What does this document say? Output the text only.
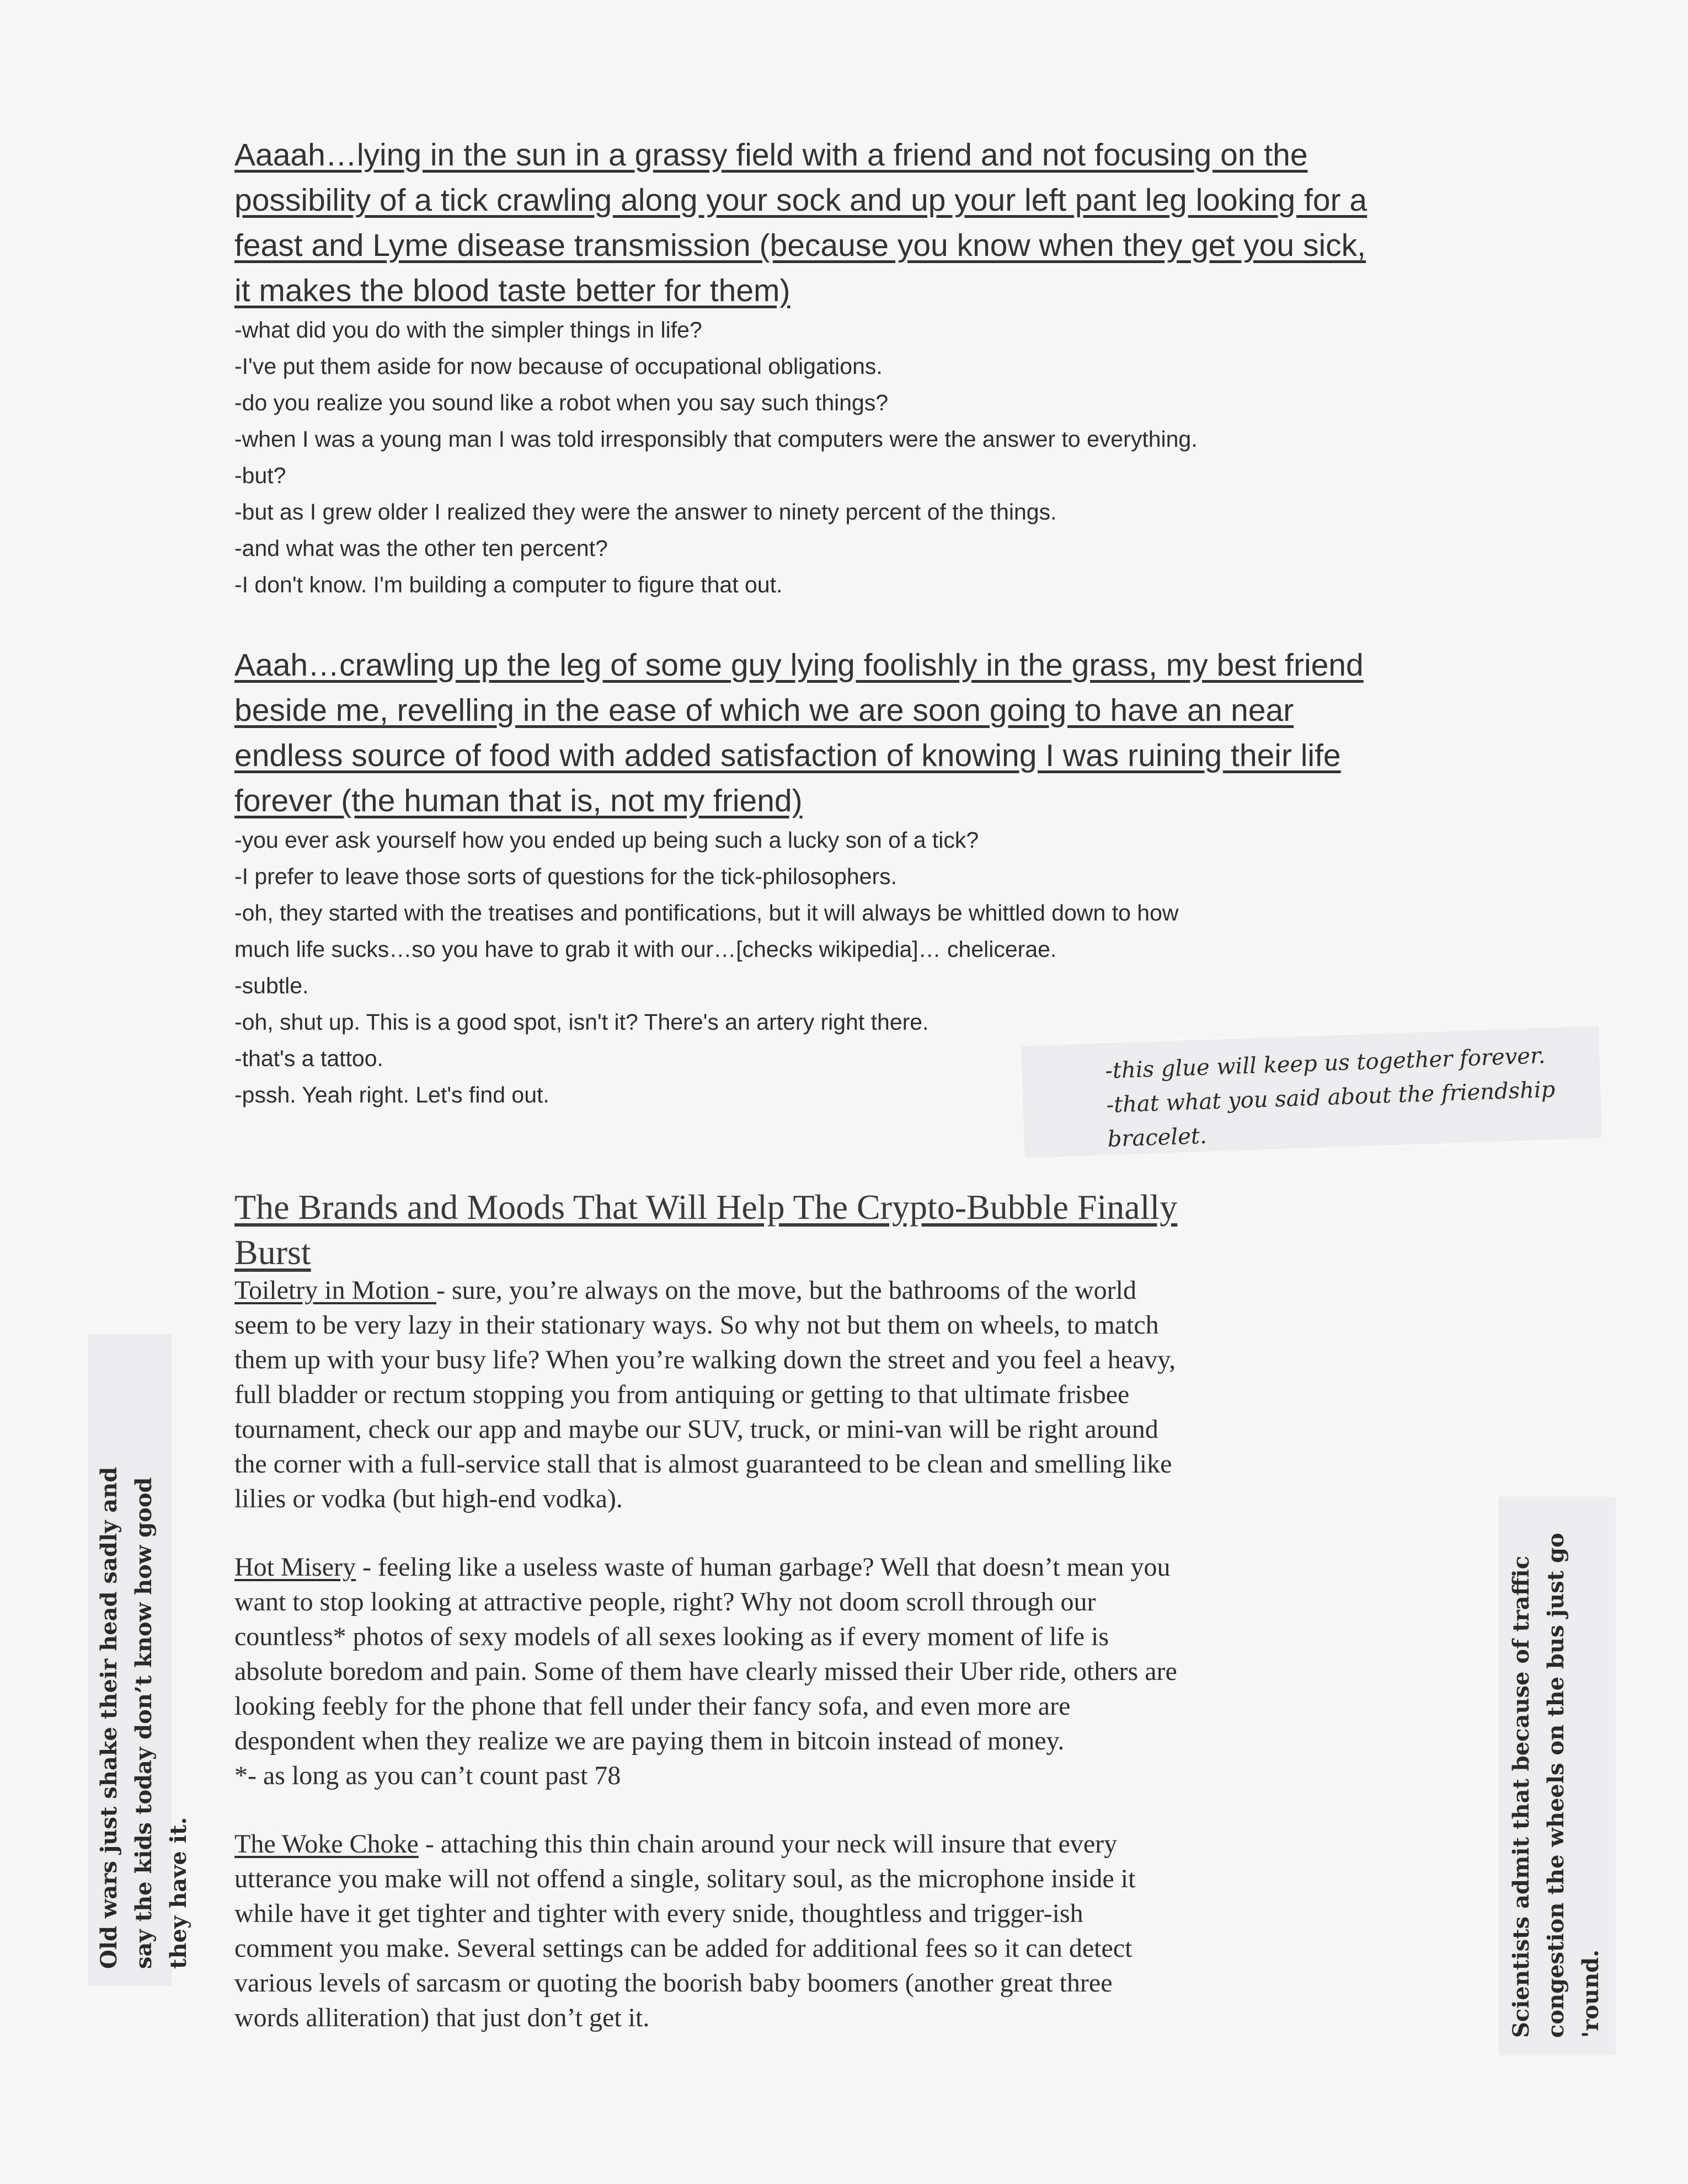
Aaaah…lying in the sun in a grassy field with a friend and not focusing on the
possibility of a tick crawling along your sock and up your left pant leg looking for a
feast and Lyme disease transmission (because you know when they get you sick,
it makes the blood taste better for them)
-what did you do with the simpler things in life?
-I've put them aside for now because of occupational obligations.
-do you realize you sound like a robot when you say such things?
-when I was a young man I was told irresponsibly that computers were the answer to everything.
-but?
-but as I grew older I realized they were the answer to ninety percent of the things.
-and what was the other ten percent?
-I don't know. I'm building a computer to figure that out.
Aaah…crawling up the leg of some guy lying foolishly in the grass, my best friend
beside me, revelling in the ease of which we are soon going to have an near
endless source of food with added satisfaction of knowing I was ruining their life
forever (the human that is, not my friend)
-you ever ask yourself how you ended up being such a lucky son of a tick?
-I prefer to leave those sorts of questions for the tick-philosophers.
-oh, they started with the treatises and pontifications, but it will always be whittled down to how
much life sucks…so you have to grab it with our…[checks wikipedia]… chelicerae.
-subtle.
-oh, shut up. This is a good spot, isn't it? There's an artery right there.
-that's a tattoo.
-pssh. Yeah right. Let's find out.
-this glue will keep us together forever.
-that what you said about the friendship
bracelet.
The Brands and Moods That Will Help The Crypto-Bubble Finally
Burst

Toiletry in Motion - sure, you’re always on the move, but the bathrooms of the world

seem to be very lazy in their stationary ways. So why not but them on wheels, to match

them up with your busy life? When you’re walking down the street and you feel a heavy,

full bladder or rectum stopping you from antiquing or getting to that ultimate frisbee

tournament, check our app and maybe our SUV, truck, or mini-van will be right around

the corner with a full-service stall that is almost guaranteed to be clean and smelling like

lilies or vodka (but high-end vodka).

Hot Misery - feeling like a useless waste of human garbage? Well that doesn’t mean you

want to stop looking at attractive people, right? Why not doom scroll through our

countless* photos of sexy models of all sexes looking as if every moment of life is

absolute boredom and pain. Some of them have clearly missed their Uber ride, others are

looking feebly for the phone that fell under their fancy sofa, and even more are

despondent when they realize we are paying them in bitcoin instead of money.

*- as long as you can’t count past 78

The Woke Choke - attaching this thin chain around your neck will insure that every

utterance you make will not offend a single, solitary soul, as the microphone inside it

while have it get tighter and tighter with every snide, thoughtless and trigger-ish

comment you make. Several settings can be added for additional fees so it can detect

various levels of sarcasm or quoting the boorish baby boomers (another great three

words alliteration) that just don’t get it.

Old wars just shake their head sadly and say the kids today don’t know how good they have it.	Scientists admit that because of traffic congestion the wheels on the bus just go 'round.
